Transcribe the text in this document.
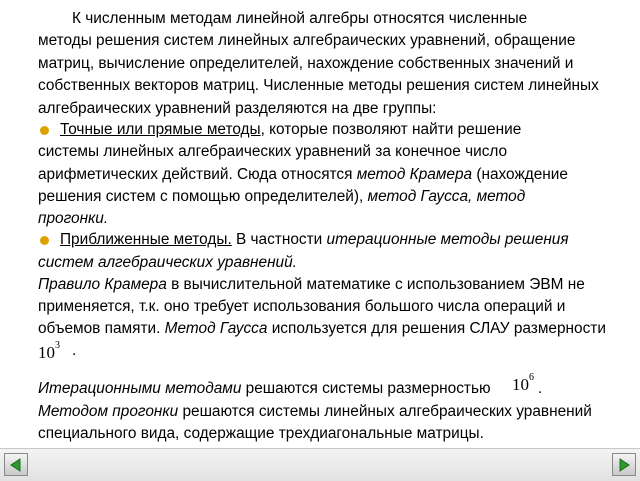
К численным методам линейной алгебры относятся численные
методы решения систем линейных алгебраических уравнений, обращение
матриц, вычисление определителей, нахождение собственных значений и
собственных векторов матриц. Численные методы решения систем линейных
алгебраических уравнений разделяются на две группы:
Точные или прямые методы, которые позволяют найти решение
системы линейных алгебраических уравнений за конечное число
арифметических действий. Сюда относятся метод Крамера (нахождение
решения систем с помощью определителей), метод Гаусса, метод
прогонки.
Приближенные методы. В частности итерационные методы решения
систем алгебраических уравнений.
Правило Крамера в вычислительной математике с использованием ЭВМ не
применяется, т.к. оно требует использования большого числа операций и
объемов памяти. Метод Гаусса используется для решения СЛАУ размерности
$10^3$ .
Итерационными методами решаются системы размерностью	$10^6$
.
Методом прогонки решаются системы линейных алгебраических уравнений
специального вида, содержащие трехдиагональные матрицы.
